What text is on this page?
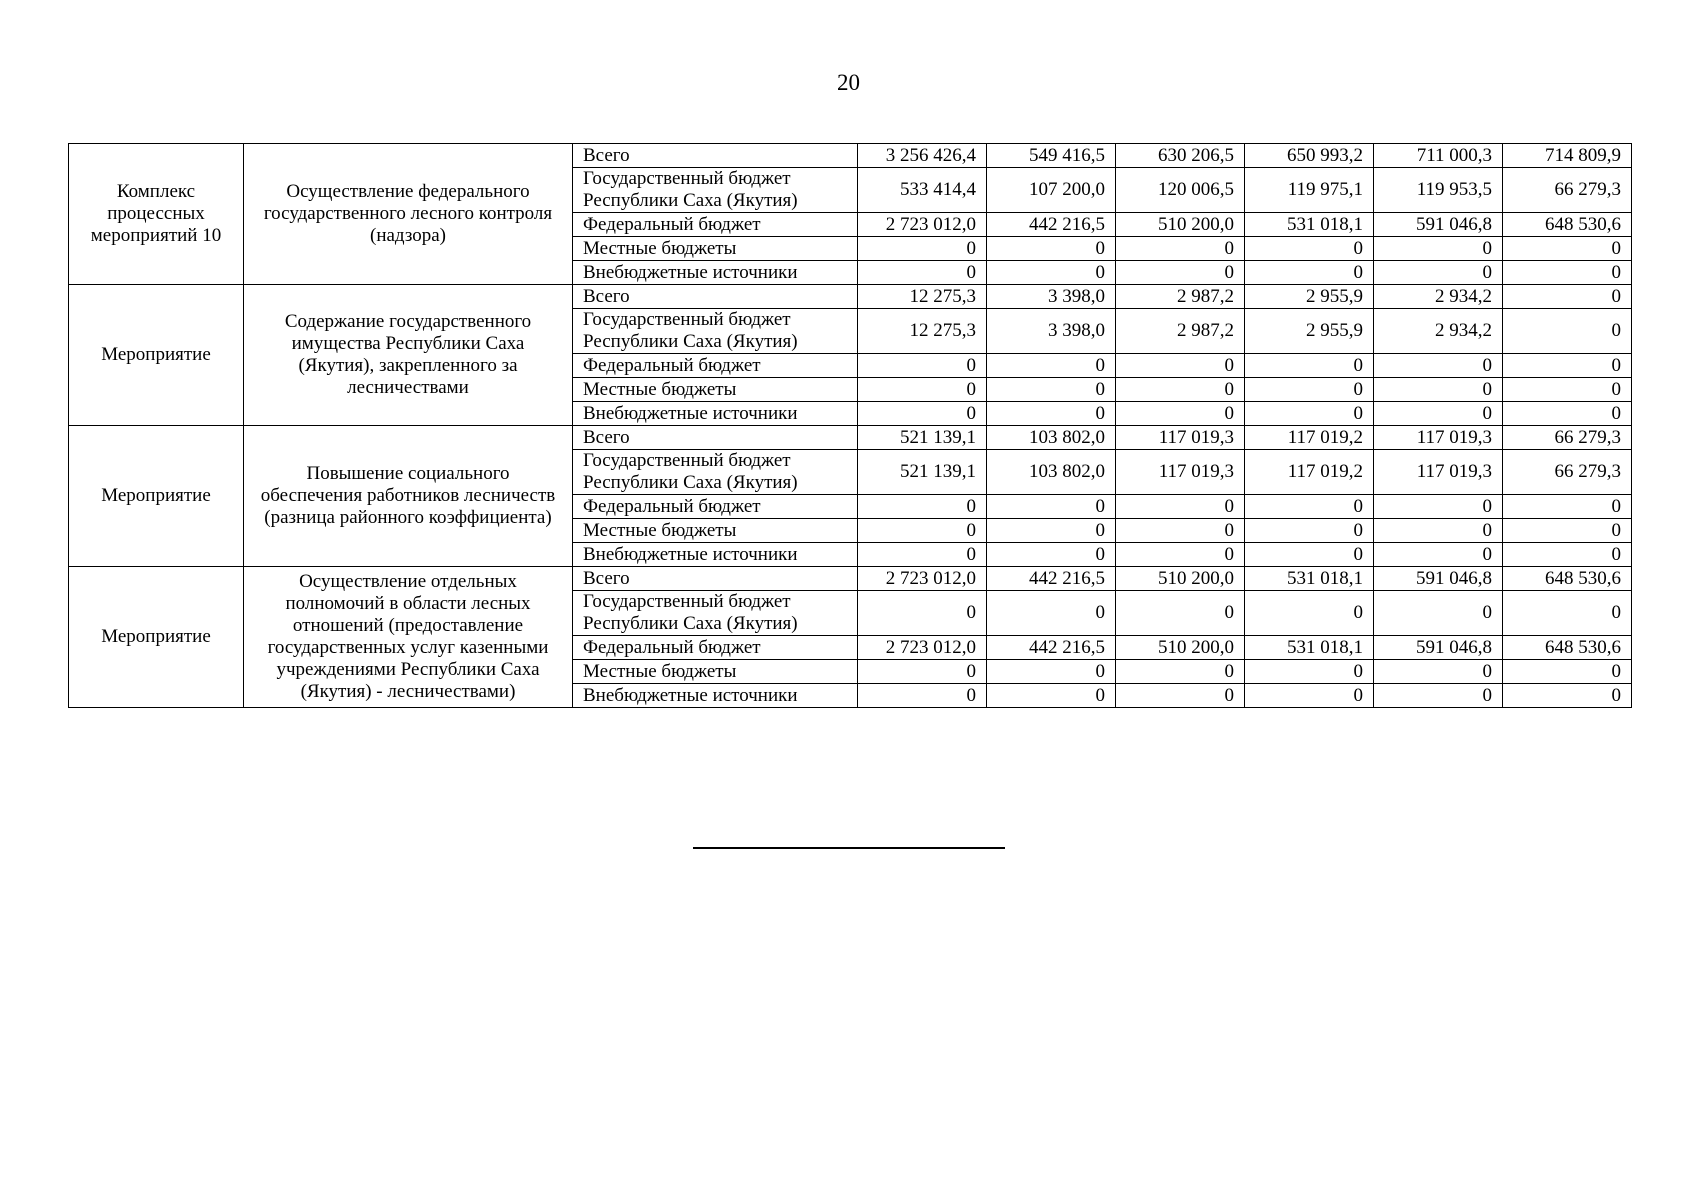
20
Комплекс процессных мероприятий 10	Осуществление федерального государственного лесного контроля (надзора)	Всего	3 256 426,4	549 416,5	630 206,5	650 993,2	711 000,3	714 809,9
		Государственный бюджет Республики Саха (Якутия)	533 414,4	107 200,0	120 006,5	119 975,1	119 953,5	66 279,3
		Федеральный бюджет	2 723 012,0	442 216,5	510 200,0	531 018,1	591 046,8	648 530,6
		Местные бюджеты	0	0	0	0	0	0
		Внебюджетные источники	0	0	0	0	0	0
Мероприятие	Содержание государственного имущества Республики Саха (Якутия), закрепленного за лесничествами	Всего	12 275,3	3 398,0	2 987,2	2 955,9	2 934,2	0
		Государственный бюджет Республики Саха (Якутия)	12 275,3	3 398,0	2 987,2	2 955,9	2 934,2	0
		Федеральный бюджет	0	0	0	0	0	0
		Местные бюджеты	0	0	0	0	0	0
		Внебюджетные источники	0	0	0	0	0	0
Мероприятие	Повышение социального обеспечения работников лесничеств (разница районного коэффициента)	Всего	521 139,1	103 802,0	117 019,3	117 019,2	117 019,3	66 279,3
		Государственный бюджет Республики Саха (Якутия)	521 139,1	103 802,0	117 019,3	117 019,2	117 019,3	66 279,3
		Федеральный бюджет	0	0	0	0	0	0
		Местные бюджеты	0	0	0	0	0	0
		Внебюджетные источники	0	0	0	0	0	0
Мероприятие	Осуществление отдельных полномочий в области лесных отношений (предоставление государственных услуг казенными учреждениями Республики Саха (Якутия) - лесничествами)	Всего	2 723 012,0	442 216,5	510 200,0	531 018,1	591 046,8	648 530,6
		Государственный бюджет Республики Саха (Якутия)	0	0	0	0	0	0
		Федеральный бюджет	2 723 012,0	442 216,5	510 200,0	531 018,1	591 046,8	648 530,6
		Местные бюджеты	0	0	0	0	0	0
		Внебюджетные источники	0	0	0	0	0	0
